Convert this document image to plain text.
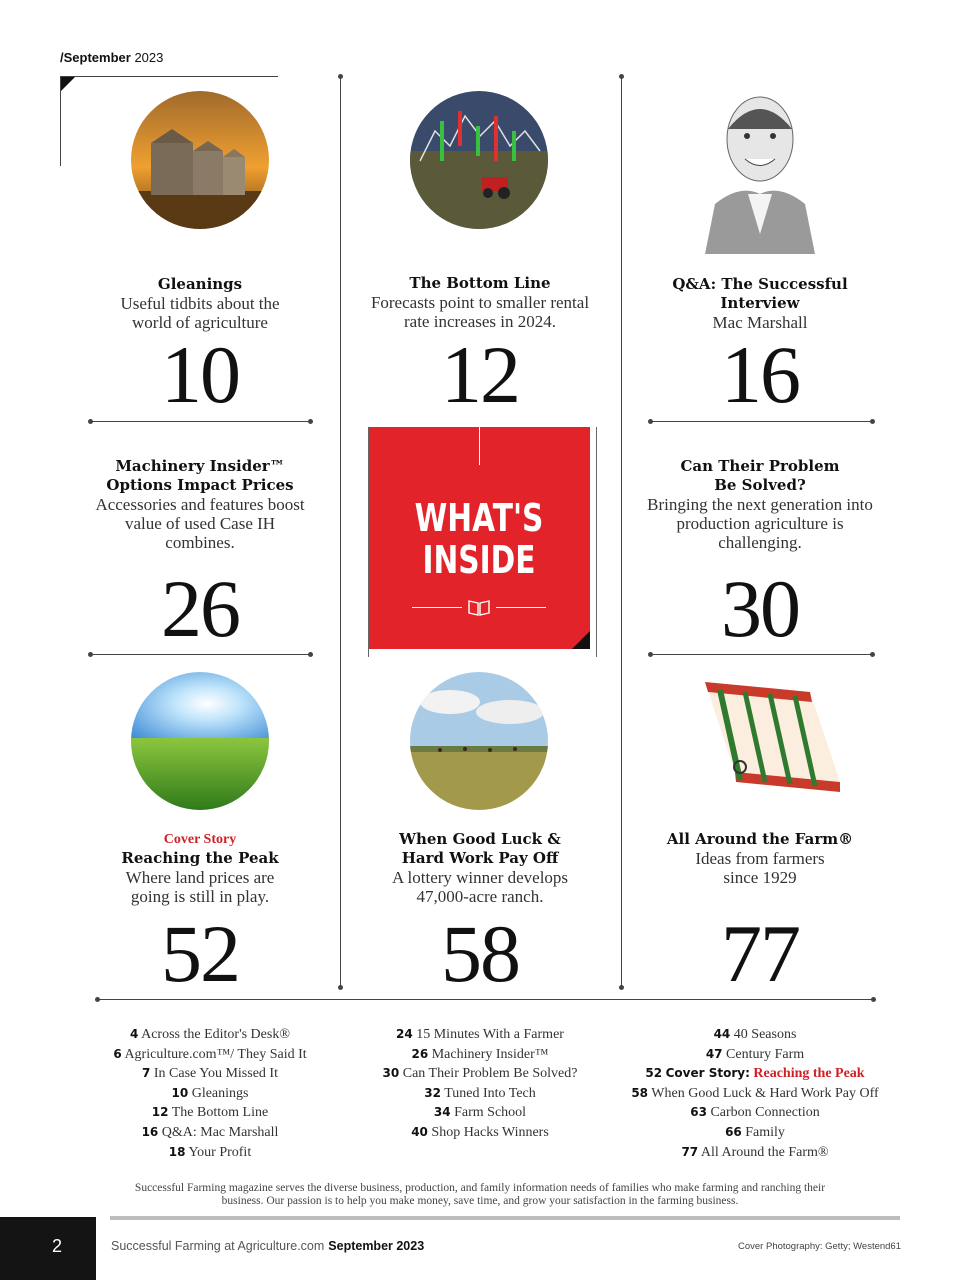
/September 2023
Gleanings
Useful tidbits about the world of agriculture
10
The Bottom Line
Forecasts point to smaller rental rate increases in 2024.
12
Q&A: The Successful Interview
Mac Marshall
16
Machinery Insider™ Options Impact Prices
Accessories and features boost value of used Case IH combines.
26
WHAT'S
INSIDE
Can Their Problem Be Solved?
Bringing the next generation into production agriculture is challenging.
30
Cover Story
Reaching the Peak
Where land prices are going is still in play.
52
When Good Luck & Hard Work Pay Off
A lottery winner develops 47,000-acre ranch.
58
All Around the Farm®
Ideas from farmers since 1929
77
4 Across the Editor's Desk®
6 Agriculture.com™/ They Said It
7 In Case You Missed It
10 Gleanings
12 The Bottom Line
16 Q&A: Mac Marshall
18 Your Profit
24 15 Minutes With a Farmer
26 Machinery Insider™
30 Can Their Problem Be Solved?
32 Tuned Into Tech
34 Farm School
40 Shop Hacks Winners
44 40 Seasons
47 Century Farm
52 Cover Story: Reaching the Peak
58 When Good Luck & Hard Work Pay Off
63 Carbon Connection
66 Family
77 All Around the Farm®
Successful Farming magazine serves the diverse business, production, and family information needs of families who make farming and ranching their business. Our passion is to help you make money, save time, and grow your satisfaction in the farming business.
2	Successful Farming at Agriculture.com September 2023	Cover Photography: Getty; Westend61
